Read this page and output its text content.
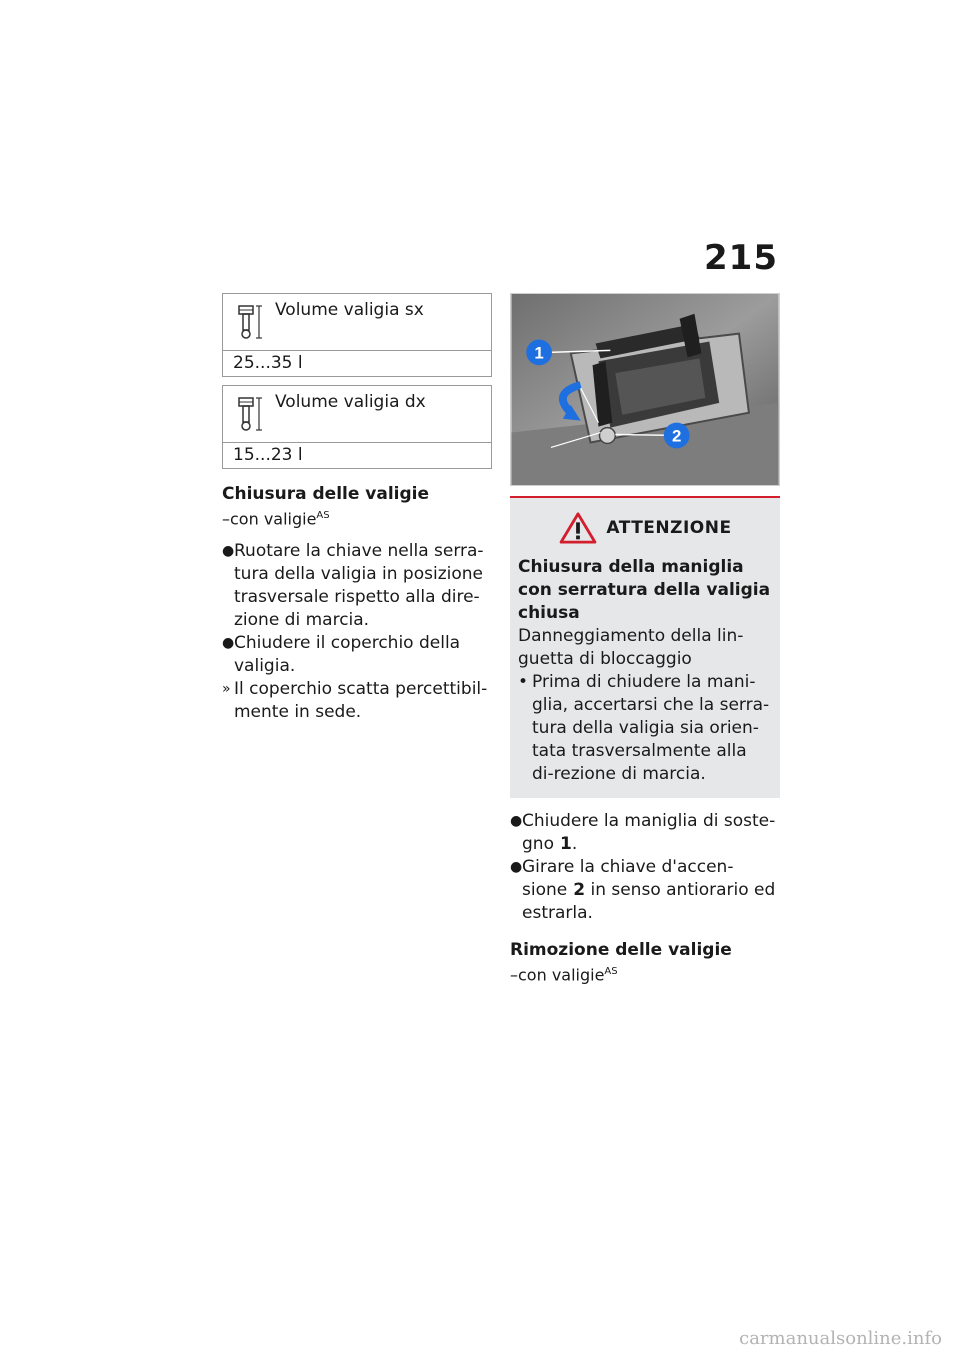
215
Volume valigia sx
25...35 l
Volume valigia dx
15...23 l
Chiusura delle valigie

–con valigie$^{AS}$

● Ruotare la chiave nella serra-tura della valigia in posizione trasversale rispetto alla dire-zione di marcia.
● Chiudere il coperchio della valigia.
» Il coperchio scatta percettibil-mente in sede.
1
2
ATTENZIONE

Chiusura della maniglia con serratura della valigia chiusa

Danneggiamento della lin-guetta di bloccaggio

• Prima di chiudere la mani-glia, accertarsi che la serra-tura della valigia sia orien-tata trasversalmente alla di-rezione di marcia.
● Chiudere la maniglia di soste-gno 1.
● Girare la chiave d'accen-sione 2 in senso antiorario ed estrarla.
Rimozione delle valigie

–con valigie$^{AS}$

carmanualsonline.info
